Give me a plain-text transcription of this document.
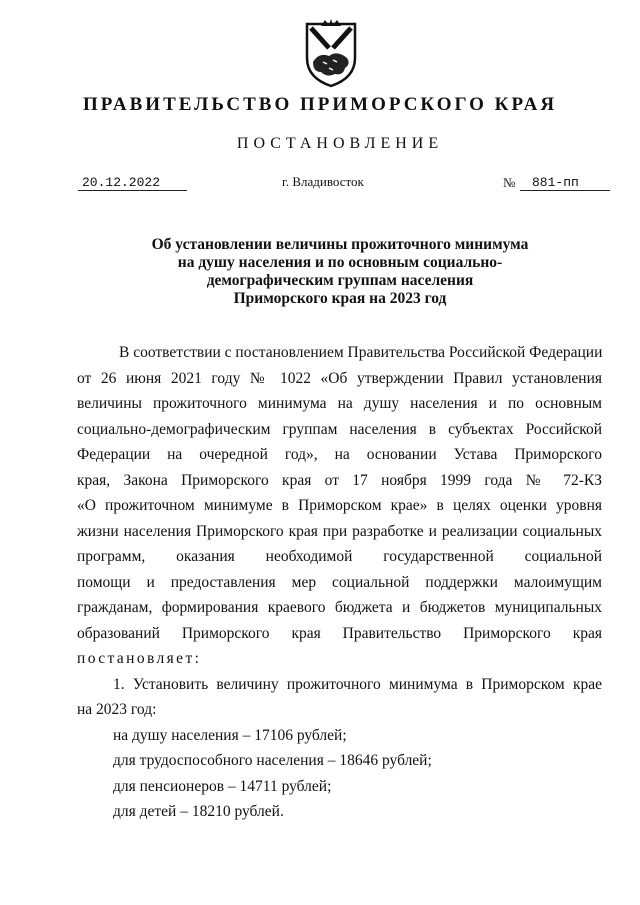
ПРАВИТЕЛЬСТВО ПРИМОРСКОГО КРАЯ
ПОСТАНОВЛЕНИЕ
20.12.2022	г. Владивосток	№	881-пп
Об установлении величины прожиточного минимума
на душу населения и по основным социально-
демографическим группам населения
Приморского края на 2023 год
В соответствии с постановлением Правительства Российской Федерации
от 26 июня 2021 году № 1022 «Об утверждении Правил установления
величины прожиточного минимума на душу населения и по основным
социально-демографическим группам населения в субъектах Российской
Федерации на очередной год», на основании Устава Приморского
края, Закона Приморского края от 17 ноября 1999 года № 72-КЗ
«О прожиточном минимуме в Приморском крае» в целях оценки уровня
жизни населения Приморского края при разработке и реализации социальных
программ, оказания необходимой государственной социальной
помощи и предоставления мер социальной поддержки малоимущим
гражданам, формирования краевого бюджета и бюджетов муниципальных
образований Приморского края Правительство Приморского края
постановляет:
1. Установить величину прожиточного минимума в Приморском крае
на 2023 год:
на душу населения – 17106 рублей;
для трудоспособного населения – 18646 рублей;
для пенсионеров – 14711 рублей;
для детей – 18210 рублей.
